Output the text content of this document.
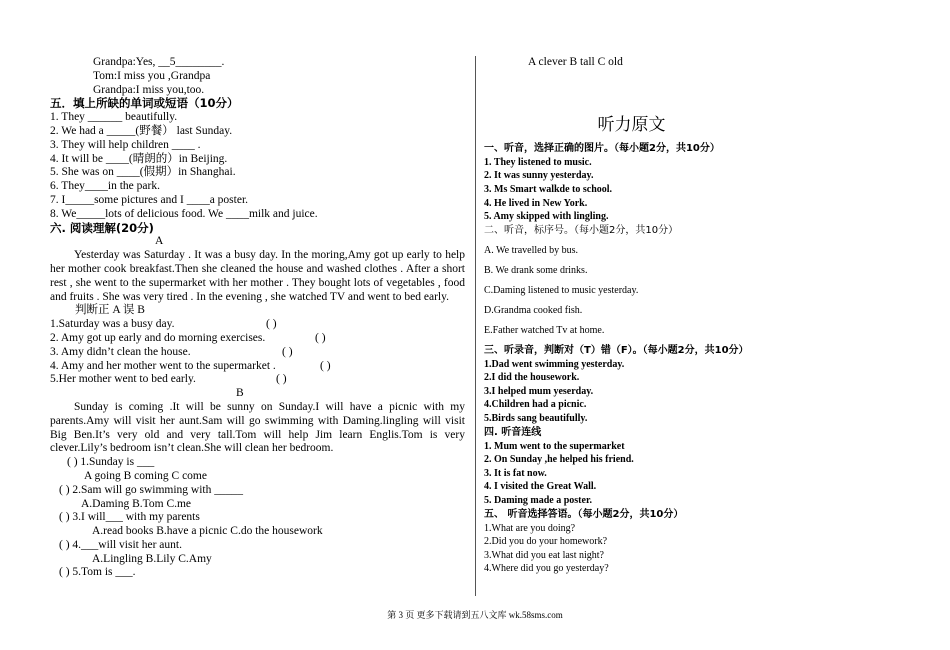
Grandpa:Yes, __5________.
Tom:I miss you ,Grandpa
Grandpa:I miss you,too.
五．填上所缺的单词或短语（10分）
1. They ______ beautifully.
2. We had a _____(野餐） last Sunday.
3. They will help children ____ .
4. It will be ____(晴朗的）in Beijing.
5. She was on ____(假期）in Shanghai.
6. They____in the park.
7. I_____some pictures and I ____a poster.
8. We_____lots of delicious food. We ____milk and juice.
六. 阅读理解(20分)
A
Yesterday was Saturday . It was a busy day. In the moring,Amy got up early to help her mother cook breakfast.Then she cleaned the house and washed clothes . After a short rest , she went to the supermarket with her mother . They bought lots of vegetables , food and fruits . She was very tired . In the evening , she watched TV and went to bed early.
判断正 A 误 B
1.Saturday was a busy day.	( )
2. Amy got up early and do morning exercises.	( )
3. Amy didn’t clean the house.	( )
4. Amy and her mother went to the supermarket .	( )
5.Her mother went to bed early.	( )
B
Sunday is coming .It will be sunny on Sunday.I will have a picnic with my parents.Amy will visit her aunt.Sam will go swimming with Daming.lingling will visit Big Ben.It’s very old and very tall.Tom will help Jim learn Englis.Tom is very clever.Lily’s bedroom isn’t clean.She will clean her bedroom.
( ) 1.Sunday is ___
A going B coming C come
( ) 2.Sam will go swimming with _____
A.Daming B.Tom C.me
( ) 3.I will___ with my parents
A.read books B.have a picnic C.do the housework
( ) 4.___will visit her aunt.
A.Lingling B.Lily C.Amy
( ) 5.Tom is ___.
A clever B tall C old
听力原文
一、听音，选择正确的图片。（每小题2分，共10分）
1. They listened to music.
2. It was sunny yesterday.
3. Ms Smart walkde to school.
4. He lived in New York.
5. Amy skipped with lingling.
二、听音，标序号。（每小题2分，共10分）
A. We travelled by bus.
B. We drank some drinks.
C.Daming listened to music yesterday.
D.Grandma cooked fish.
E.Father watched Tv at home.
三、听录音，判断对（T）错（F）。（每小题2分，共10分）
1.Dad went swimming yesterday.
2.I did the housework.
3.I helped mum yeserday.
4.Children had a picnic.
5.Birds sang beautifully.
四. 听音连线
1. Mum went to the supermarket
2. On Sunday ,he helped his friend.
3. It is fat now.
4. I visited the Great Wall.
5. Daming made a poster.
五、 听音选择答语。（每小题2分，共10分）
1.What are you doing?
2.Did you do your homework?
3.What did you eat last night?
4.Where did you go yesterday?
第 3 页 更多下载请到五八文库 wk.58sms.com
